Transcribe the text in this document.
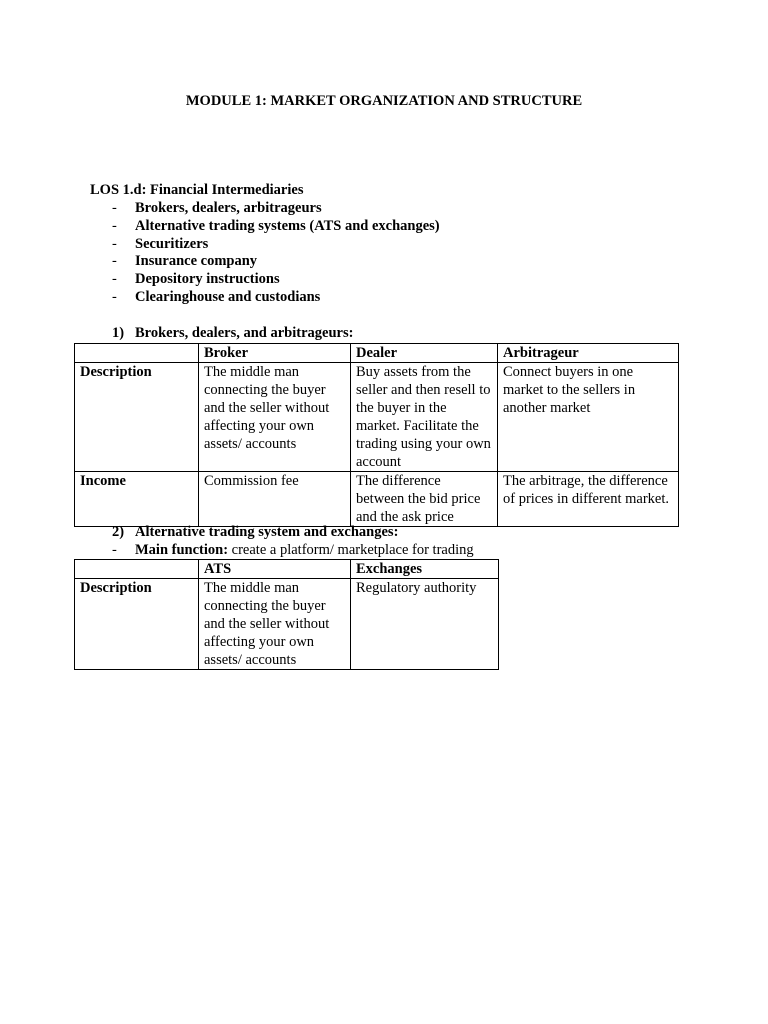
MODULE 1: MARKET ORGANIZATION AND STRUCTURE
LOS 1.d: Financial Intermediaries
- Brokers, dealers, arbitrageurs
- Alternative trading systems (ATS and exchanges)
- Securitizers
- Insurance company
- Depository instructions
- Clearinghouse and custodians
1) Brokers, dealers, and arbitrageurs:
	Broker	Dealer	Arbitrageur
Description	The middle man connecting the buyer and the seller without affecting your own assets/ accounts	Buy assets from the seller and then resell to the buyer in the market. Facilitate the trading using your own account	Connect buyers in one market to the sellers in another market
Income	Commission fee	The difference between the bid price and the ask price	The arbitrage, the difference of prices in different market.
2) Alternative trading system and exchanges:
- Main function: create a platform/ marketplace for trading
	ATS	Exchanges
Description	The middle man connecting the buyer and the seller without affecting your own assets/ accounts	Regulatory authority
